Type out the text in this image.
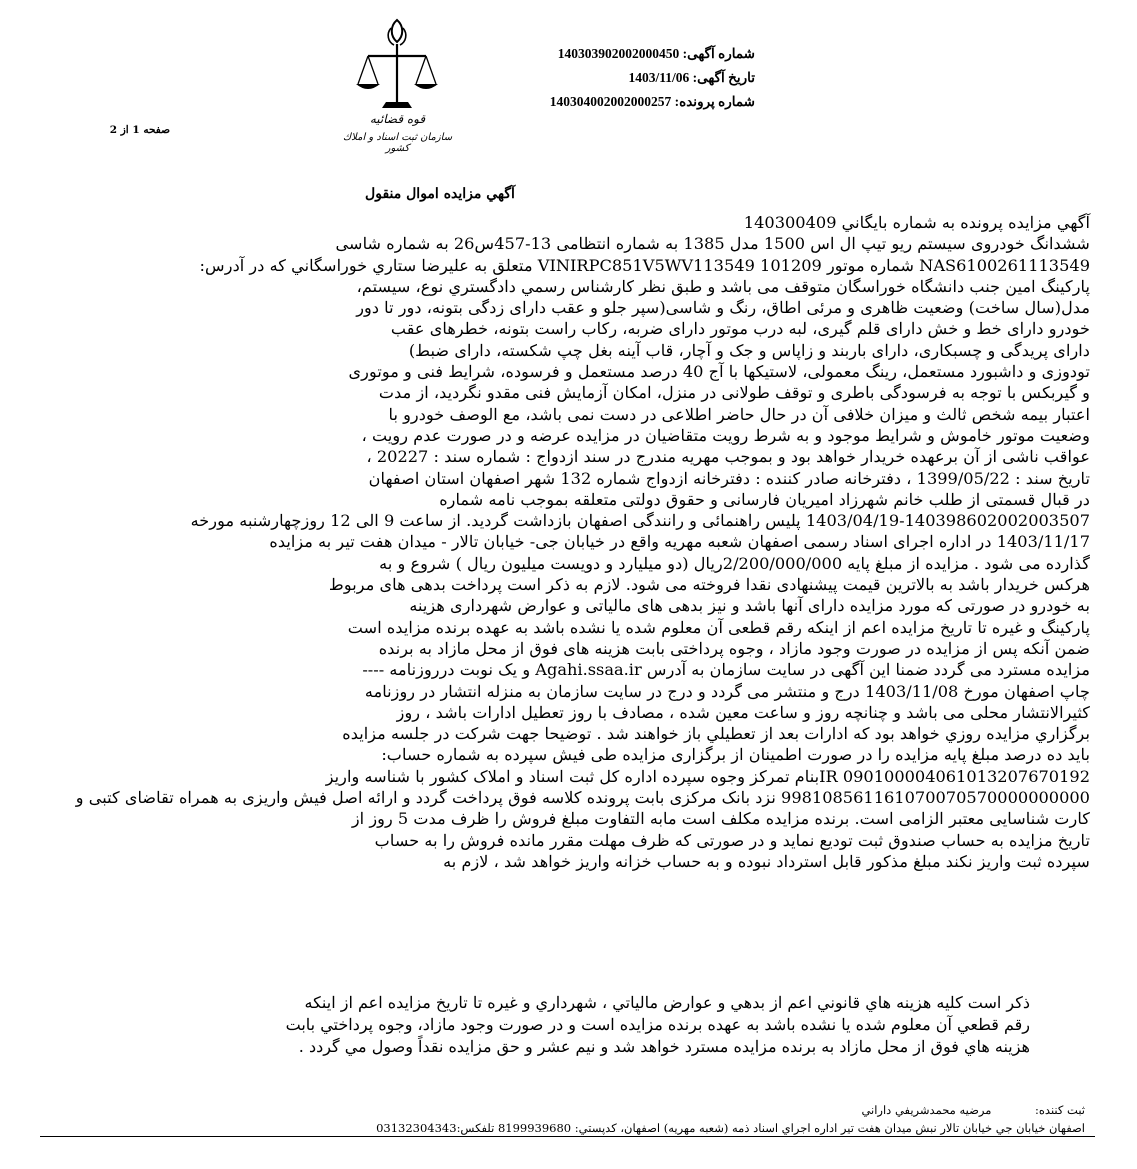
قوه قضائيه
سازمان ثبت اسناد و املاك كشور
شماره آگهی: 140303902002000450
تاریخ آگهی: 1403/11/06
شماره پرونده: 140304002002000257
صفحه 1 از 2
آگهي مزايده اموال منقول
آگهي مزايده پرونده به شماره بايگاني 140300409
ششدانگ خودروی سیستم ریو تیپ ال اس 1500 مدل 1385 به شماره انتظامی 13-457س26 به شماره شاسی
NAS6100261113549 شماره موتور 101209 VINIRPC851V5WV113549 متعلق به عليرضا ستاري خوراسگاني كه در آدرس:
پارکینگ امین جنب دانشگاه خوراسگان متوقف می باشد و طبق نظر کارشناس رسمي دادگستري نوع، سیستم،
مدل(سال ساخت) وضعیت ظاهری و مرئی اطاق، رنگ و شاسی(سپر جلو و عقب دارای زدگی بتونه، دور تا دور
خودرو دارای خط و خش دارای قلم گیری، لبه درب موتور دارای ضربه، رکاب راست بتونه، خطرهای عقب
دارای پریدگی و چسبکاری، دارای باربند و زاپاس و جک و آچار، قاب آینه بغل چپ شکسته، دارای ضبط)
تودوزی و داشبورد مستعمل، رینگ معمولی، لاستیکها با آج 40 درصد مستعمل و فرسوده، شرایط فنی و موتوری
و گیربکس با توجه به فرسودگی باطری و توقف طولانی در منزل، امکان آزمایش فنی مقدو نگردید، از مدت
اعتبار بیمه شخص ثالث و میزان خلافی آن در حال حاضر اطلاعی در دست نمی باشد، مع الوصف خودرو با
وضعیت موتور خاموش و شرایط موجود و به شرط رویت متقاضیان در مزایده عرضه و در صورت عدم رویت ،
عواقب ناشی از آن برعهده خریدار خواهد بود و بموجب مهریه مندرج در سند ازدواج : شماره سند : 20227 ،
تاریخ سند : 1399/05/22 ، دفترخانه صادر کننده : دفترخانه ازدواج شماره 132 شهر اصفهان استان اصفهان
در قبال قسمتی از طلب خانم شهرزاد امیریان فارسانی و حقوق دولتی متعلقه بموجب نامه شماره
1403/04/19-140398602002003507 پلیس راهنمائی و رانندگی اصفهان بازداشت گردید. از ساعت 9 الی 12 روزچهارشنبه مورخه
1403/11/17 در اداره اجرای اسناد رسمی اصفهان شعبه مهریه واقع در خیابان جی- خیابان تالار - میدان هفت تیر به مزایده
گذارده می شود . مزایده از مبلغ پایه 2/200/000/000ریال (دو میلیارد و دویست میلیون ریال ) شروع و به
هرکس خریدار باشد به بالاترین قیمت پیشنهادی نقدا فروخته می شود. لازم به ذکر است پرداخت بدهی های مربوط
به خودرو در صورتی که مورد مزایده دارای آنها باشد و نیز بدهی های مالیاتی و عوارض شهرداری هزینه
پارکینگ و غیره تا تاریخ مزایده اعم از اینکه رقم قطعی آن معلوم شده یا نشده باشد به عهده برنده مزایده است
ضمن آنکه پس از مزایده در صورت وجود مازاد ، وجوه پرداختی بابت هزینه های فوق از محل مازاد به برنده
مزایده مسترد می گردد ضمنا این آگهی در سایت سازمان به آدرس Agahi.ssaa.ir و یک نوبت درروزنامه ----
چاپ اصفهان مورخ 1403/11/08 درج و منتشر می گردد و درج در سایت سازمان به منزله انتشار در روزنامه
كثیرالانتشار محلی می باشد و چنانچه روز و ساعت معین شده ، مصادف با روز تعطیل ادارات باشد ، روز
برگزاري مزايده روزي خواهد بود كه ادارات بعد از تعطيلي باز خواهند شد . توضیحا جهت شرکت در جلسه مزایده
باید ده درصد مبلغ پایه مزایده را در صورت اطمینان از برگزاری مزایده طی فیش سپرده به شماره حساب:
IR 090100004061013207670192بنام تمرکز وجوه سپرده اداره کل ثبت اسناد و املاک کشور با شناسه واریز
998108561161070070570000000000 نزد بانک مرکزی بابت پرونده کلاسه فوق پرداخت گردد و ارائه اصل فیش واریزی به همراه تقاضای کتبی و
کارت شناسایی معتبر الزامی است. برنده مزایده مکلف است مابه التفاوت مبلغ فروش را ظرف مدت 5 روز از
تاریخ مزایده به حساب صندوق ثبت تودیع نماید و در صورتی که ظرف مهلت مقرر مانده فروش را به حساب
سپرده ثبت واریز نکند مبلغ مذکور قابل استرداد نبوده و به حساب خزانه واریز خواهد شد ، لازم به
ذكر است كليه هزينه هاي قانوني اعم از بدهي و عوارض مالياتي ، شهرداري و غيره تا تاريخ مزايده اعم از اينكه
رقم قطعي آن معلوم شده يا نشده باشد به عهده برنده مزايده است و در صورت وجود مازاد، وجوه پرداختي بابت
هزينه هاي فوق از محل مازاد به برنده مزايده مسترد خواهد شد و نيم عشر و حق مزايده نقداً وصول مي گردد .
ثبت کننده: مرضيه محمدشريفي داراني
اصفهان خيابان جي خيابان تالار نبش ميدان هفت تير اداره اجراي اسناد ذمه (شعبه مهريه) اصفهان، كدپستي: 8199939680 تلفكس:03132304343
